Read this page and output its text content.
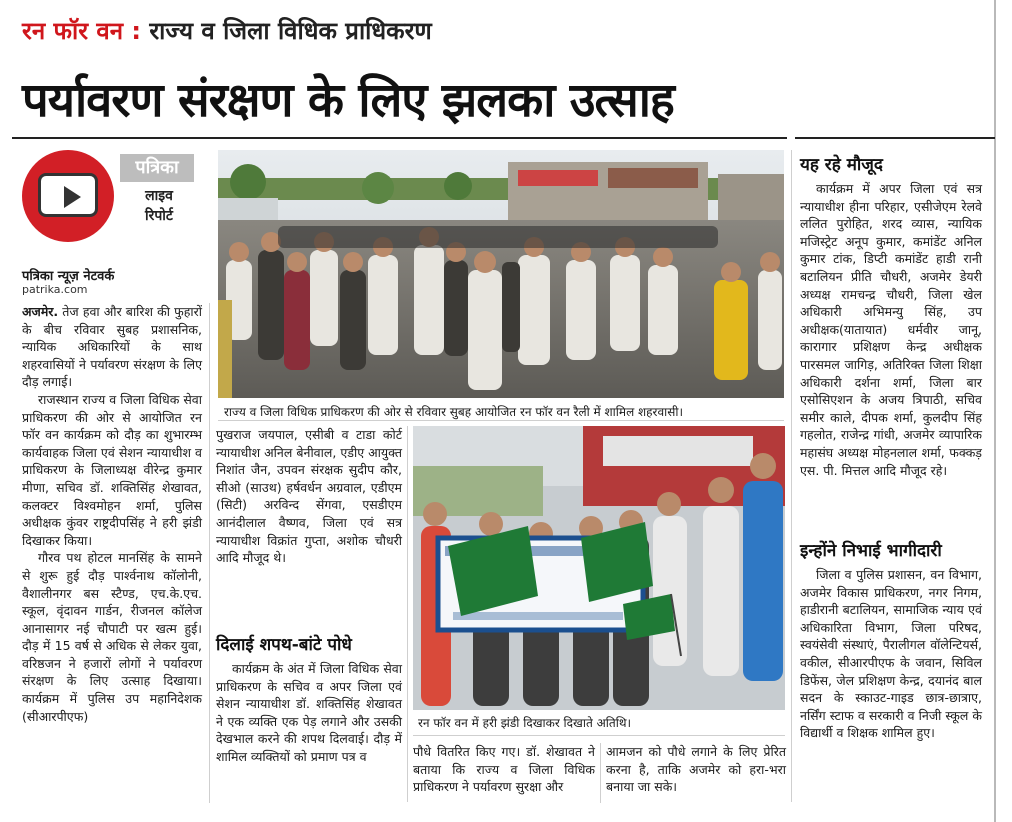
रन फॉर वन : राज्य व जिला विधिक प्राधिकरण
पर्यावरण संरक्षण के लिए झलका उत्साह
पत्रिका
लाइव
रिपोर्ट
पत्रिका न्यूज़ नेटवर्क
patrika.com

अजमेर. तेज हवा और बारिश की फुहारों के बीच रविवार सुबह प्रशासनिक, न्यायिक अधिकारियों के साथ शहरवासियों ने पर्यावरण संरक्षण के लिए दौड़ लगाई।

राजस्थान राज्य व जिला विधिक सेवा प्राधिकरण की ओर से आयोजित रन फॉर वन कार्यक्रम को दौड़ का शुभारम्भ कार्यवाहक जिला एवं सेशन न्यायाधीश व प्राधिकरण के जिलाध्यक्ष वीरेन्द्र कुमार मीणा, सचिव डॉ. शक्तिसिंह शेखावत, कलक्टर विश्वमोहन शर्मा, पुलिस अधीक्षक कुंवर राष्ट्रदीपसिंह ने हरी झंडी दिखाकर किया।

गौरव पथ होटल मानसिंह के सामने से शुरू हुई दौड़ पार्श्वनाथ कॉलोनी, वैशालीनगर बस स्टैण्ड, एच.के.एच. स्कूल, वृंदावन गार्डन, रीजनल कॉलेज आनासागर नई चौपाटी पर खत्म हुई। दौड़ में 15 वर्ष से अधिक से लेकर युवा, वरिष्ठजन ने हजारों लोगों ने पर्यावरण संरक्षण के लिए उत्साह दिखाया। कार्यक्रम में पुलिस उप महानिदेशक (सीआरपीएफ)

राज्य व जिला विधिक प्राधिकरण की ओर से रविवार सुबह आयोजित रन फॉर वन रैली में शामिल शहरवासी।

पुखराज जयपाल, एसीबी व टाडा कोर्ट न्यायाधीश अनिल बेनीवाल, एडीए आयुक्त निशांत जैन, उपवन संरक्षक सुदीप कौर, सीओ (साउथ) हर्षवर्धन अग्रवाल, एडीएम (सिटी) अरविन्द सेंगवा, एसडीएम आनंदीलाल वैष्णव, जिला एवं सत्र न्यायाधीश विक्रांत गुप्ता, अशोक चौधरी आदि मौजूद थे।

दिलाई शपथ-बांटे पोधे

कार्यक्रम के अंत में जिला विधिक सेवा प्राधिकरण के सचिव व अपर जिला एवं सेशन न्यायाधीश डॉ. शक्तिसिंह शेखावत ने एक व्यक्ति एक पेड़ लगाने और उसकी देखभाल करने की शपथ दिलवाई। दौड़ में शामिल व्यक्तियों को प्रमाण पत्र व

रन फॉर वन में हरी झंडी दिखाकर दिखाते अतिथि।

पौधे वितरित किए गए। डॉ. शेखावत ने बताया कि राज्य व जिला विधिक प्राधिकरण ने पर्यावरण सुरक्षा और

आमजन को पौधे लगाने के लिए प्रेरित करना है, ताकि अजमेर को हरा-भरा बनाया जा सके।

यह रहे मौजूद

कार्यक्रम में अपर जिला एवं सत्र न्यायाधीश हीना परिहार, एसीजेएम रेलवे ललित पुरोहित, शरद व्यास, न्यायिक मजिस्ट्रेट अनूप कुमार, कमांडेंट अनिल कुमार टांक, डिप्टी कमांडेंट हाडी रानी बटालियन प्रीति चौधरी, अजमेर डेयरी अध्यक्ष रामचन्द्र चौधरी, जिला खेल अधिकारी अभिमन्यु सिंह, उप अधीक्षक(यातायात) धर्मवीर जानू, कारागार प्रशिक्षण केन्द्र अधीक्षक पारसमल जागिड़, अतिरिक्त जिला शिक्षा अधिकारी दर्शना शर्मा, जिला बार एसोसिएशन के अजय त्रिपाठी, सचिव समीर काले, दीपक शर्मा, कुलदीप सिंह गहलोत, राजेन्द्र गांधी, अजमेर व्यापारिक महासंघ अध्यक्ष मोहनलाल शर्मा, फक्कड़ एस. पी. मित्तल आदि मौजूद रहे।

इन्होंने निभाई भागीदारी

जिला व पुलिस प्रशासन, वन विभाग, अजमेर विकास प्राधिकरण, नगर निगम, हाडीरानी बटालियन, सामाजिक न्याय एवं अधिकारिता विभाग, जिला परिषद, स्वयंसेवी संस्थाएं, पैरालीगल वॉलेन्टियर्स, वकील, सीआरपीएफ के जवान, सिविल डिफेंस, जेल प्रशिक्षण केन्द्र, दयानंद बाल सदन के स्काउट-गाइड छात्र-छात्राए, नर्सिंग स्टाफ व सरकारी व निजी स्कूल के विद्यार्थी व शिक्षक शामिल हुए।
